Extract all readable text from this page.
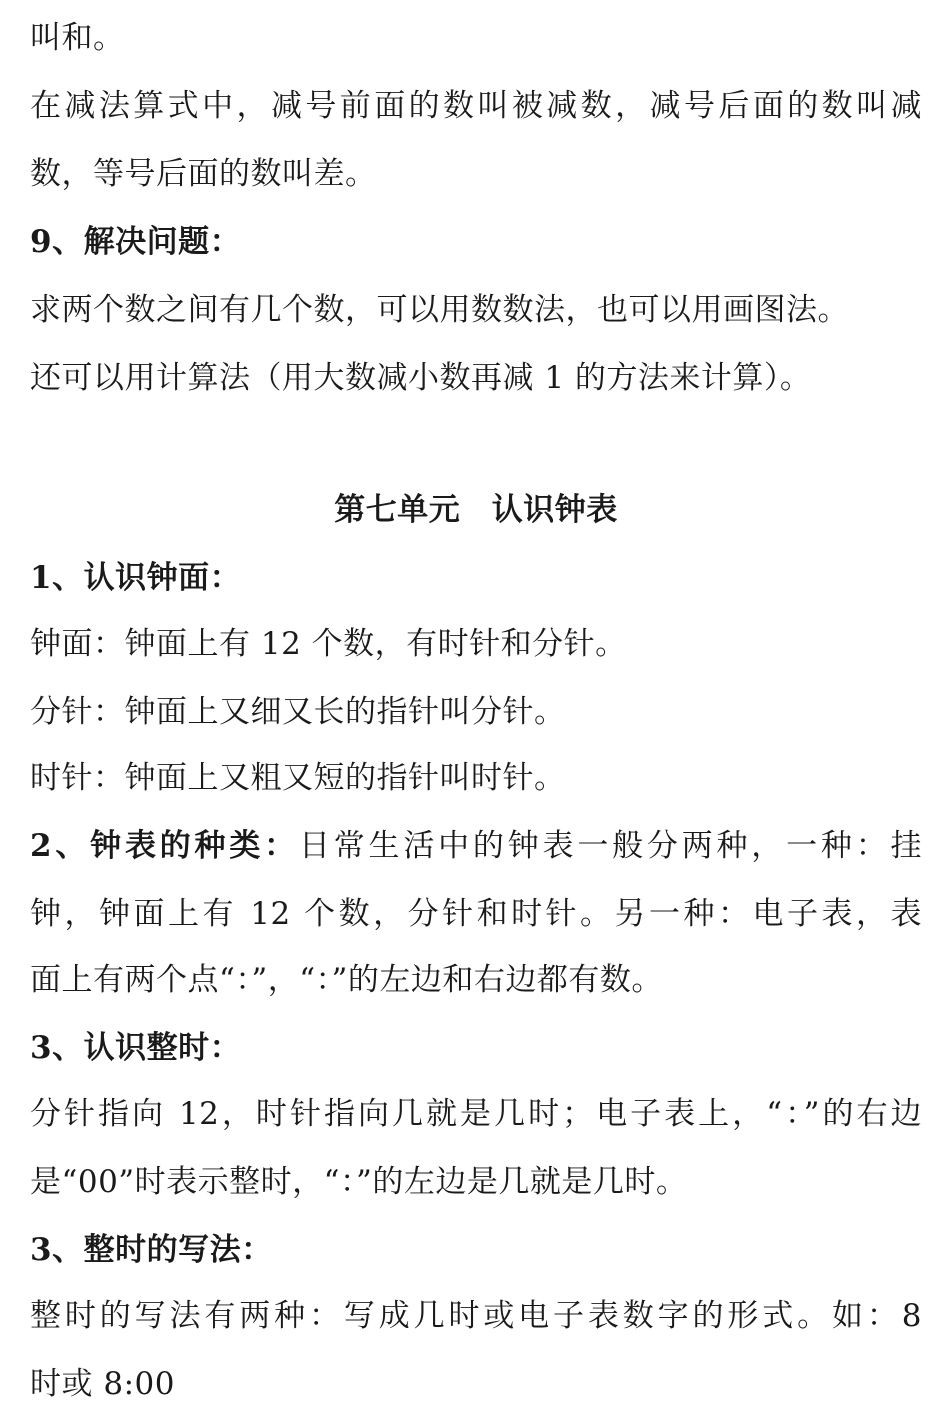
叫和。
在减法算式中，减号前面的数叫被减数，减号后面的数叫减
数，等号后面的数叫差。
9、解决问题：
求两个数之间有几个数，可以用数数法，也可以用画图法。
还可以用计算法（用大数减小数再减 1 的方法来计算）。
第七单元　认识钟表
1、认识钟面：
钟面：钟面上有 12 个数，有时针和分针。
分针：钟面上又细又长的指针叫分针。
时针：钟面上又粗又短的指针叫时针。
2、钟表的种类：日常生活中的钟表一般分两种，一种：挂
钟，钟面上有 12 个数，分针和时针。另一种：电子表，表
面上有两个点“：”，“：”的左边和右边都有数。
3、认识整时：
分针指向 12，时针指向几就是几时；电子表上，“：”的右边
是“00”时表示整时，“：”的左边是几就是几时。
3、整时的写法：
整时的写法有两种：写成几时或电子表数字的形式。如：8
时或 8:00
